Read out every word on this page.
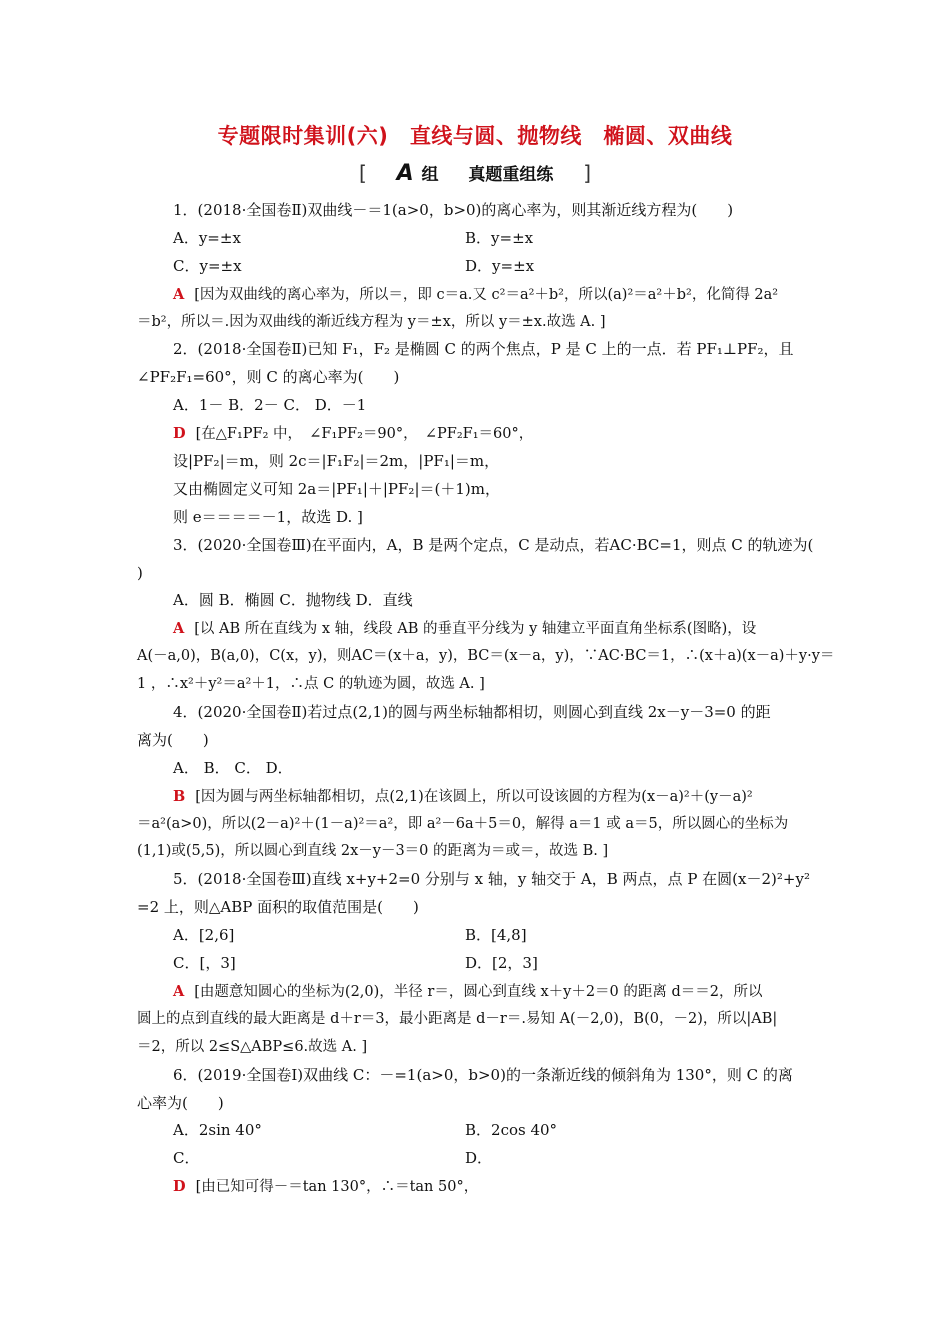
专题限时集训(六)　直线与圆、抛物线　椭圆、双曲线
[ A 组 真题重组练 ]
1．(2018·全国卷Ⅱ)双曲线－＝1(a>0，b>0)的离心率为，则其渐近线方程为(　　)
A．y=±x	B．y=±x
C．y=±x	D．y=±x
A [因为双曲线的离心率为，所以＝，即 c＝a.又 c²＝a²＋b²，所以(a)²＝a²＋b²，化简得 2a²
＝b²，所以＝.因为双曲线的渐近线方程为 y＝±x，所以 y＝±x.故选 A. ]
2．(2018·全国卷Ⅱ)已知 F₁，F₂ 是椭圆 C 的两个焦点，P 是 C 上的一点．若 PF₁⊥PF₂，且
∠PF₂F₁=60°，则 C 的离心率为(　　)
A．1－ B．2－ C． D．－1
D [在△F₁PF₂ 中，　∠F₁PF₂＝90°，　∠PF₂F₁＝60°，
设|PF₂|＝m，则 2c＝|F₁F₂|＝2m，|PF₁|＝m，
又由椭圆定义可知 2a＝|PF₁|＋|PF₂|＝(＋1)m，
则 e＝＝＝＝－1，故选 D. ]
3．(2020·全国卷Ⅲ)在平面内，A，B 是两个定点，C 是动点，若AC·BC=1，则点 C 的轨迹为(
)
A．圆 B．椭圆 C．抛物线 D．直线
A [以 AB 所在直线为 x 轴，线段 AB 的垂直平分线为 y 轴建立平面直角坐标系(图略)，设
A(－a,0)，B(a,0)，C(x，y)，则AC＝(x＋a，y)，BC＝(x－a，y)，∵AC·BC＝1，∴(x＋a)(x－a)＋y·y＝
1 ，∴x²＋y²＝a²＋1，∴点 C 的轨迹为圆，故选 A. ]
4．(2020·全国卷Ⅱ)若过点(2,1)的圆与两坐标轴都相切，则圆心到直线 2x－y－3=0 的距
离为(　　)
A． B． C． D．
B [因为圆与两坐标轴都相切，点(2,1)在该圆上，所以可设该圆的方程为(x－a)²＋(y－a)²
＝a²(a>0)，所以(2－a)²＋(1－a)²＝a²，即 a²－6a＋5＝0，解得 a＝1 或 a＝5，所以圆心的坐标为
(1,1)或(5,5)，所以圆心到直线 2x－y－3＝0 的距离为＝或＝，故选 B. ]
5．(2018·全国卷Ⅲ)直线 x+y+2=0 分别与 x 轴，y 轴交于 A，B 两点，点 P 在圆(x－2)²+y²
=2 上，则△ABP 面积的取值范围是(　　)
A．[2,6]	B．[4,8]
C．[，3]	D．[2，3]
A [由题意知圆心的坐标为(2,0)，半径 r＝，圆心到直线 x＋y＋2＝0 的距离 d＝＝2，所以
圆上的点到直线的最大距离是 d＋r＝3，最小距离是 d－r＝.易知 A(－2,0)，B(0，－2)，所以|AB|
＝2，所以 2≤S△ABP≤6.故选 A. ]
6．(2019·全国卷Ⅰ)双曲线 C：－=1(a>0，b>0)的一条渐近线的倾斜角为 130°，则 C 的离
心率为(　　)
A．2sin 40°	B．2cos 40°
C．	D．
D [由已知可得－＝tan 130°，∴＝tan 50°，
